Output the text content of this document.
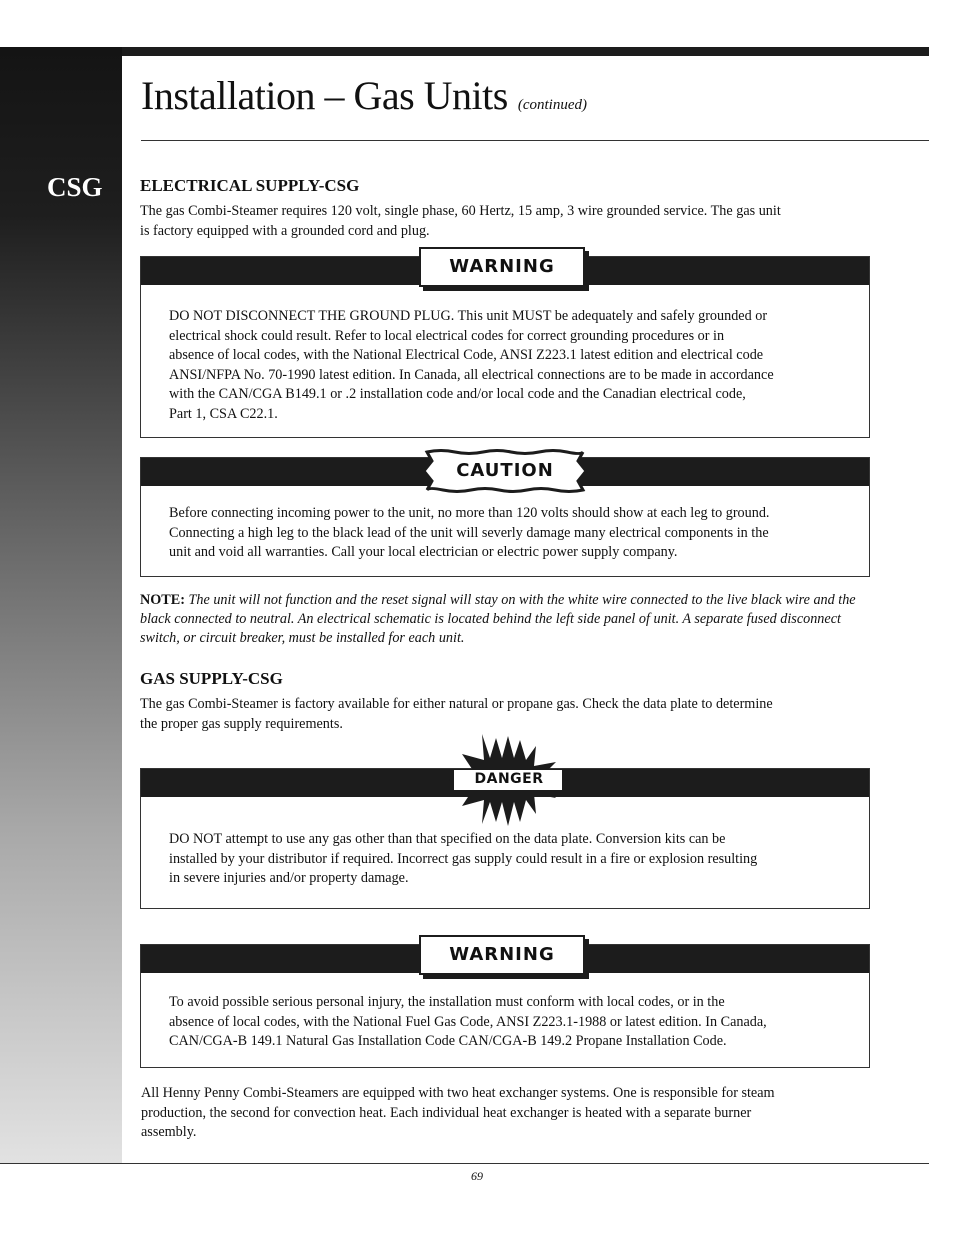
CSG
Installation – Gas Units (continued)
ELECTRICAL SUPPLY-CSG
The gas Combi-Steamer requires 120 volt, single phase, 60 Hertz, 15 amp, 3 wire grounded service. The gas unit
is factory equipped with a grounded cord and plug.
DO NOT DISCONNECT THE GROUND PLUG. This unit MUST be adequately and safely grounded or
electrical shock could result. Refer to local electrical codes for correct grounding procedures or in
absence of local codes, with the National Electrical Code, ANSI Z223.1 latest edition and electrical code
ANSI/NFPA No. 70-1990 latest edition. In Canada, all electrical connections are to be made in accordance
with the CAN/CGA B149.1 or .2 installation code and/or local code and the Canadian electrical code,
Part 1, CSA C22.1.
WARNING
Before connecting incoming power to the unit, no more than 120 volts should show at each leg to ground.
Connecting a high leg to the black lead of the unit will severly damage many electrical components in the
unit and void all warranties. Call your local electrician or electric power supply company.
CAUTION
NOTE: The unit will not function and the reset signal will stay on with the white wire connected to the live black wire and the black connected to neutral. An electrical schematic is located behind the left side panel of unit. A separate fused disconnect switch, or circuit breaker, must be installed for each unit.
GAS SUPPLY-CSG
The gas Combi-Steamer is factory available for either natural or propane gas. Check the data plate to determine
the proper gas supply requirements.
DO NOT attempt to use any gas other than that specified on the data plate. Conversion kits can be
installed by your distributor if required. Incorrect gas supply could result in a fire or explosion resulting
in severe injuries and/or property damage.
DANGER
To avoid possible serious personal injury, the installation must conform with local codes, or in the
absence of local codes, with the National Fuel Gas Code, ANSI Z223.1-1988 or latest edition. In Canada,
CAN/CGA-B 149.1 Natural Gas Installation Code CAN/CGA-B 149.2 Propane Installation Code.
WARNING
All Henny Penny Combi-Steamers are equipped with two heat exchanger systems. One is responsible for steam
production, the second for convection heat. Each individual heat exchanger is heated with a separate burner
assembly.
69
